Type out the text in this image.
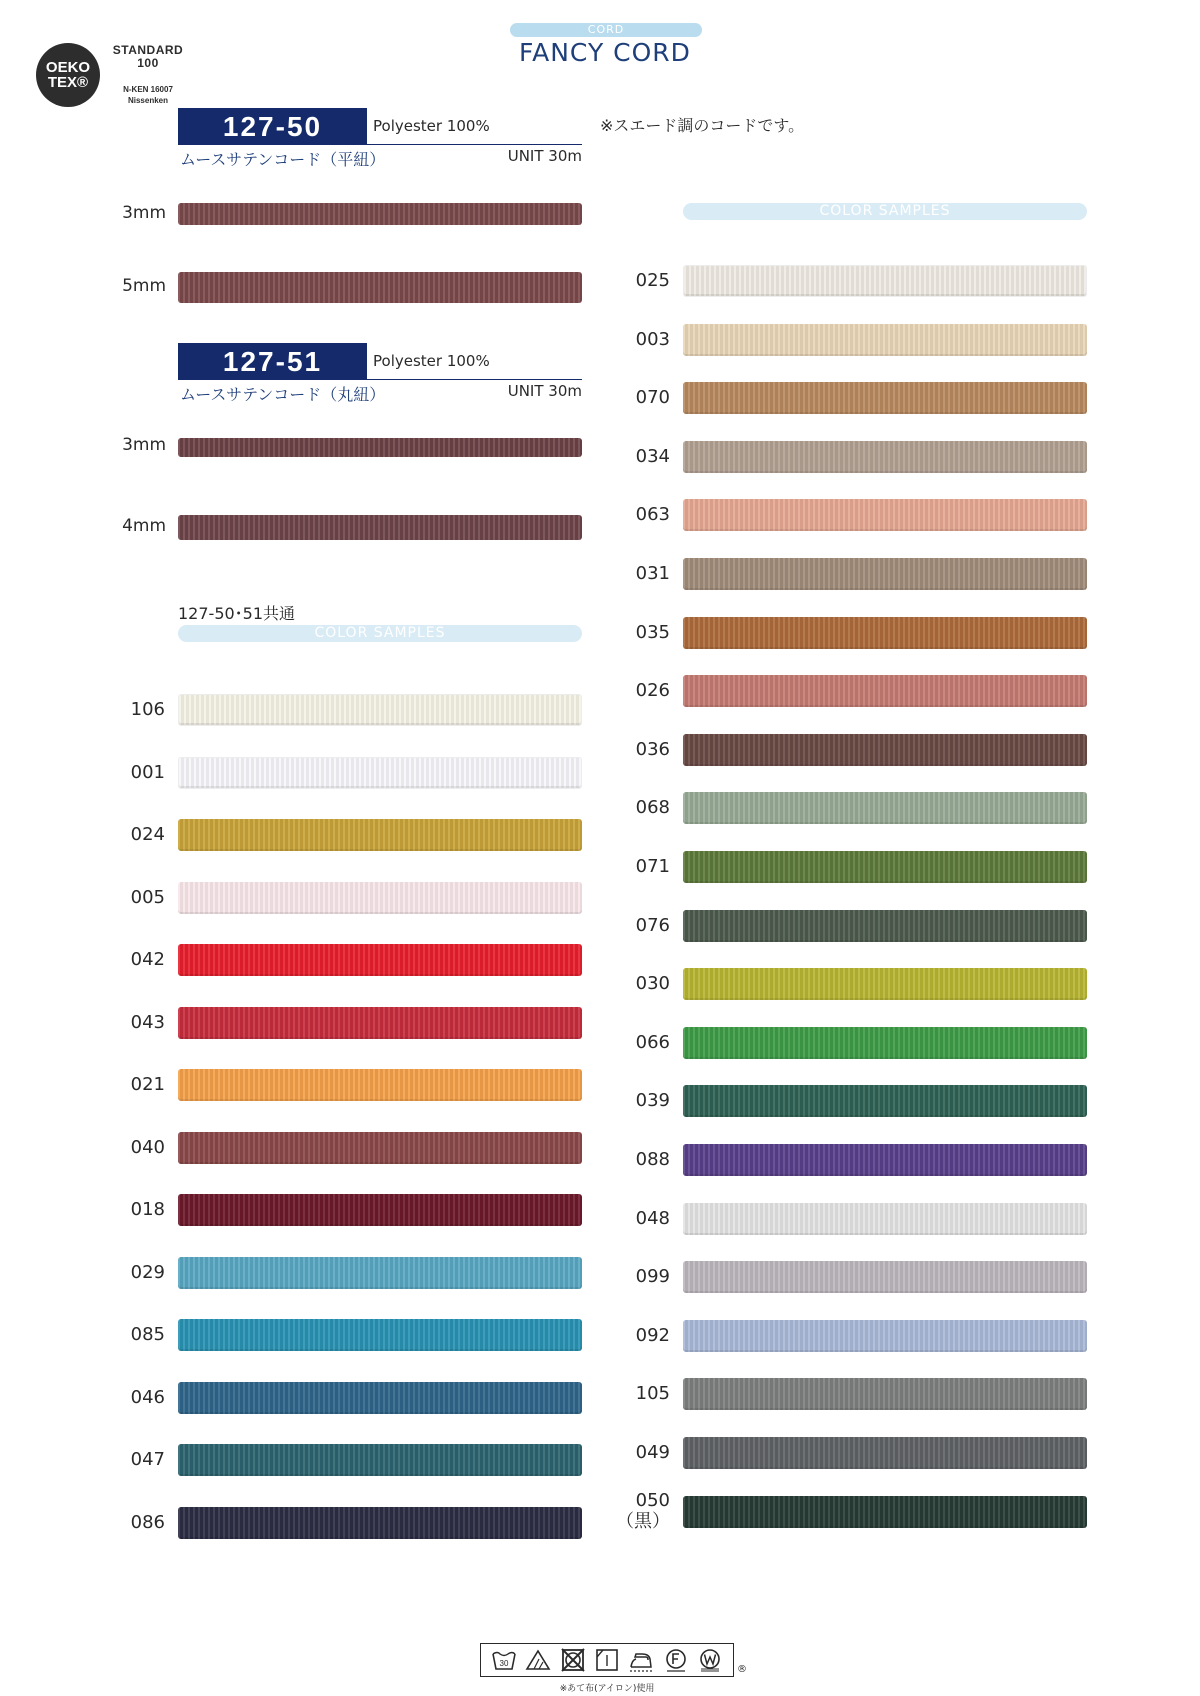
CORD
FANCY CORD
OEKO
TEX®
STANDARD
100
N-KEN 16007
Nissenken
※スエード調のコードです。
127-50	Polyester 100%
ムースサテンコード（平紐）	UNIT 30m
3mm
5mm
127-51	Polyester 100%
ムースサテンコード（丸紐）	UNIT 30m
3mm
4mm
127-50･51共通
COLOR SAMPLES
106
001
024
005
042
043
021
040
018
029
085
046
047
086
COLOR SAMPLES
025
003
070
034
063
031
035
026
036
068
071
076
030
066
039
088
048
099
092
105
049
050
（黒）
30
®
※あて布(アイロン)使用
